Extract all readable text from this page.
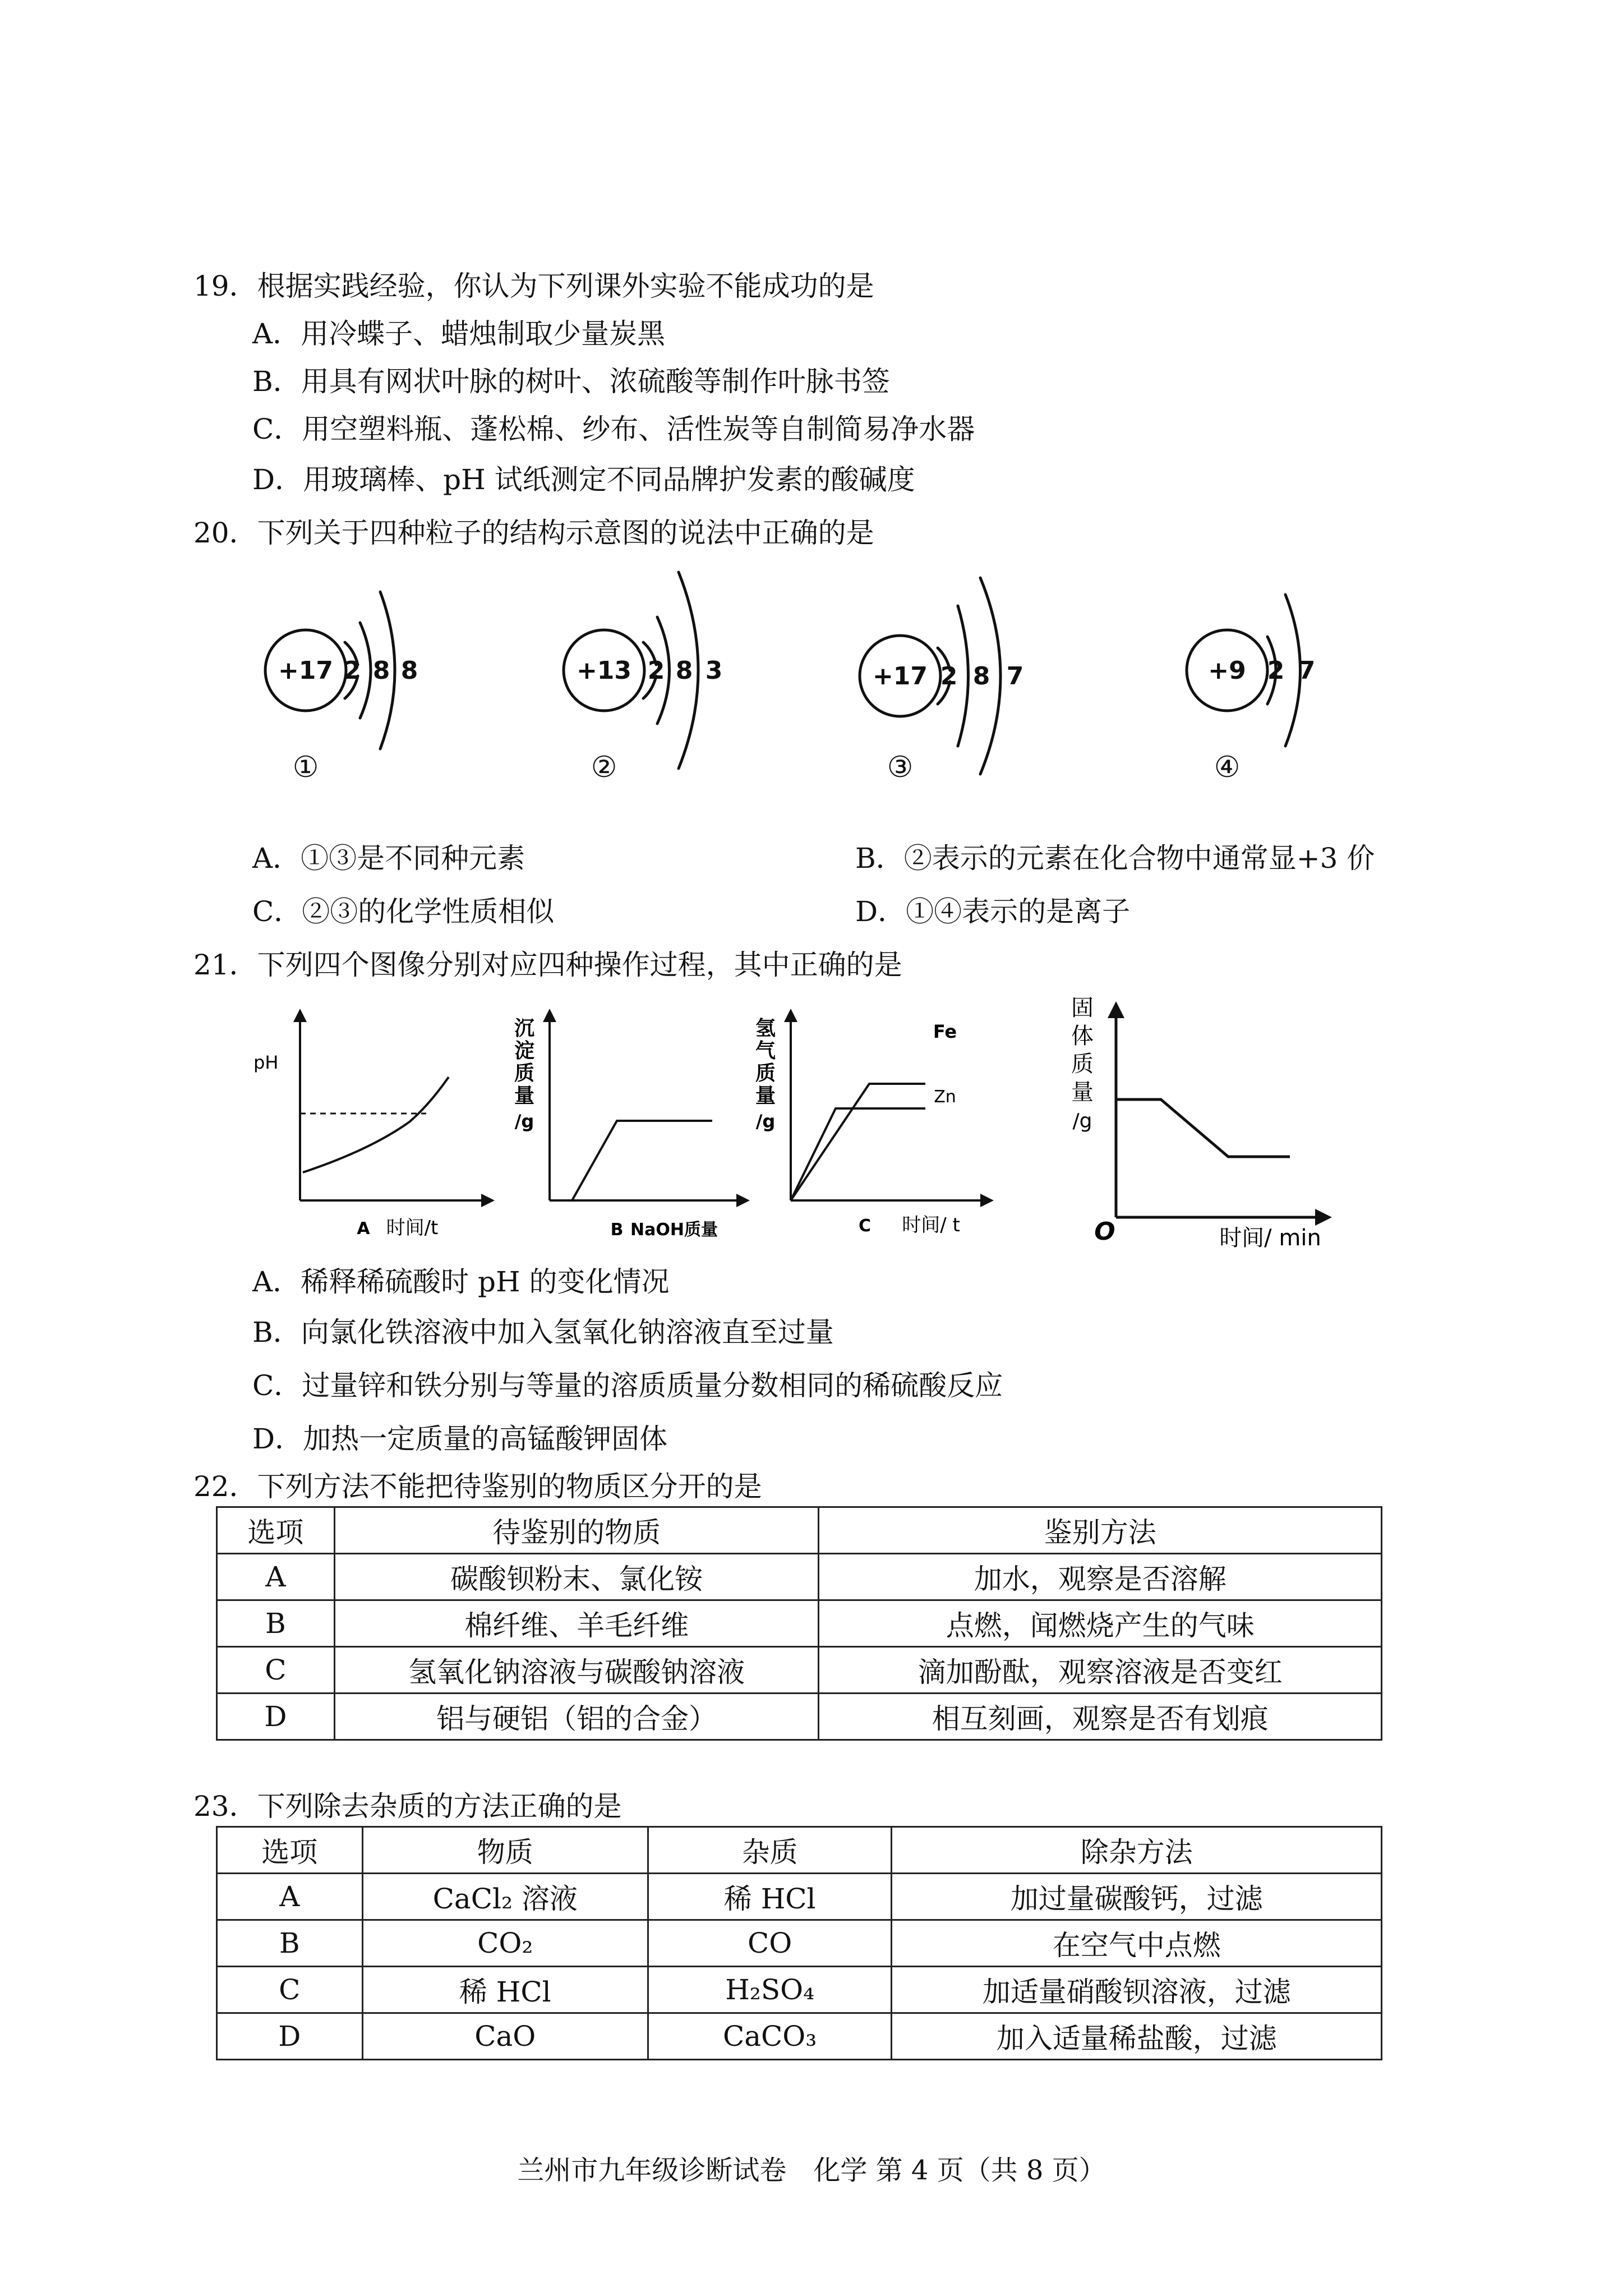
19．根据实践经验，你认为下列课外实验不能成功的是
A．用冷蝶子、蜡烛制取少量炭黑
B．用具有网状叶脉的树叶、浓硫酸等制作叶脉书签
C．用空塑料瓶、蓬松棉、纱布、活性炭等自制简易净水器
D．用玻璃棒、pH 试纸测定不同品牌护发素的酸碱度
20．下列关于四种粒子的结构示意图的说法中正确的是
+17 2 8 8	+13 2 8 3	+17 2 8 7	+9 2 7
①	②	③	④
A．①③是不同种元素	B．②表示的元素在化合物中通常显+3 价
C．②③的化学性质相似	D．①④表示的是离子
21．下列四个图像分别对应四种操作过程，其中正确的是
pH
A 时间/t
沉
淀
质
量
/g
B NaOH质量
氢
气
质
量
/g
Fe
Zn
C 时间/ t
固
体
质
量
/g
O	时间/ min
A．稀释稀硫酸时 pH 的变化情况
B．向氯化铁溶液中加入氢氧化钠溶液直至过量
C．过量锌和铁分别与等量的溶质质量分数相同的稀硫酸反应
D．加热一定质量的高锰酸钾固体
22．下列方法不能把待鉴别的物质区分开的是
选项	待鉴别的物质	鉴别方法
A	碳酸钡粉末、氯化铵	加水，观察是否溶解
B	棉纤维、羊毛纤维	点燃，闻燃烧产生的气味
C	氢氧化钠溶液与碳酸钠溶液	滴加酚酞，观察溶液是否变红
D	铝与硬铝（铝的合金）	相互刻画，观察是否有划痕
23．下列除去杂质的方法正确的是
选项	物质	杂质	除杂方法
A	CaCl₂ 溶液	稀 HCl	加过量碳酸钙，过滤
B	CO₂	CO	在空气中点燃
C	稀 HCl	H₂SO₄	加适量硝酸钡溶液，过滤
D	CaO	CaCO₃	加入适量稀盐酸，过滤
兰州市九年级诊断试卷　化学 第 4 页（共 8 页）
